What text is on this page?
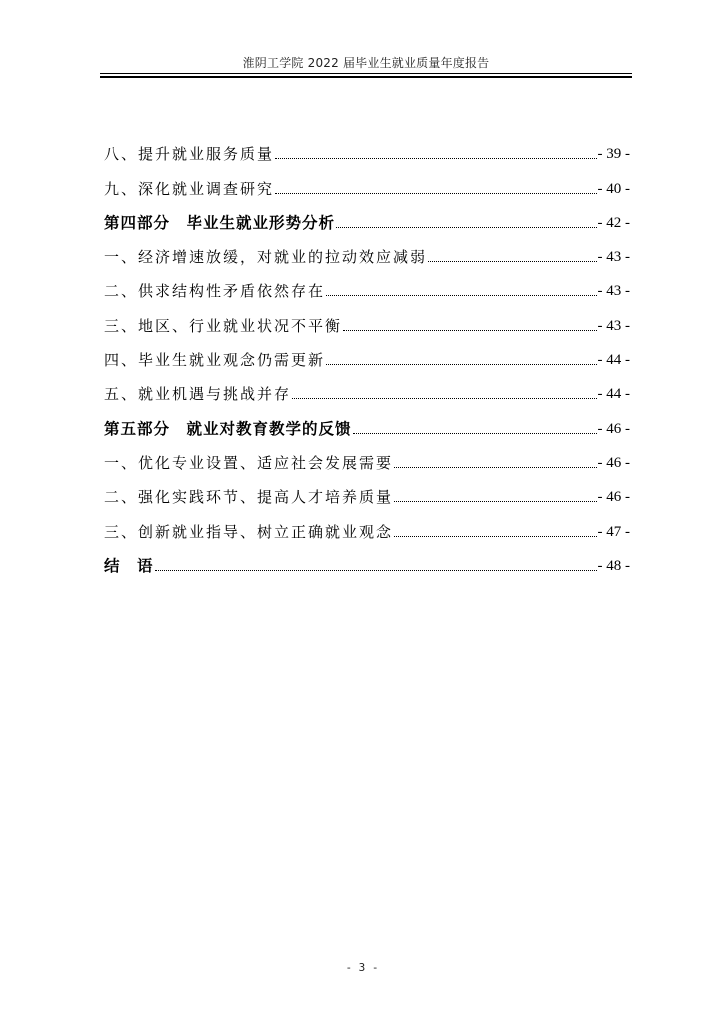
淮阴工学院 2022 届毕业生就业质量年度报告
八、提升就业服务质量	- 39 -
九、深化就业调查研究	- 40 -
第四部分　毕业生就业形势分析	- 42 -
一、经济增速放缓，对就业的拉动效应减弱	- 43 -
二、供求结构性矛盾依然存在	- 43 -
三、地区、行业就业状况不平衡	- 43 -
四、毕业生就业观念仍需更新	- 44 -
五、就业机遇与挑战并存	- 44 -
第五部分　就业对教育教学的反馈	- 46 -
一、优化专业设置、适应社会发展需要	- 46 -
二、强化实践环节、提高人才培养质量	- 46 -
三、创新就业指导、树立正确就业观念	- 47 -
结　语	- 48 -
- 3 -
